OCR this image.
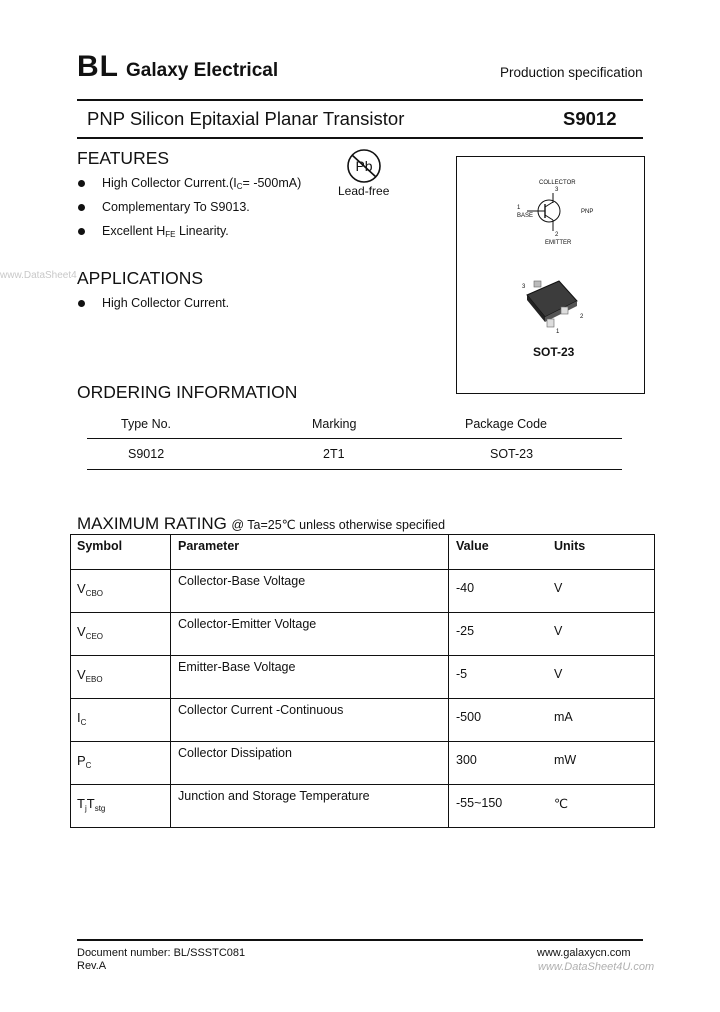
BL Galaxy Electrical	Production specification
PNP Silicon Epitaxial Planar Transistor	S9012
FEATURES
High Collector $Current.(I_C= -500mA)$
Complementary To S9013.
Excellent $H_{FE}$ Linearity.
Pb
Lead-free
COLLECTOR
3
1
BASE
2
EMITTER
PNP
3
2
1
SOT-23
www.DataSheet4 APPLICATIONS
High Collector Current.
ORDERING INFORMATION
Type No.	Marking	Package Code
S9012	2T1	SOT-23
MAXIMUM RATING @ Ta=25℃ unless otherwise specified
Symbol	Parameter	Value	Units
$V_{CBO}$	Collector-Base Voltage	-40	V
$V_{CEO}$	Collector-Emitter Voltage	-25	V
$V_{EBO}$	Emitter-Base Voltage	-5	V
$I_C$	Collector Current -Continuous	-500	mA
$P_C$	Collector Dissipation	300	mW
$T_jT_{stg}$	Junction and Storage Temperature	-55~150	℃
Document number: BL/SSSTC081
Rev.A
www.galaxycn.com
www.DataSheet4U.com
